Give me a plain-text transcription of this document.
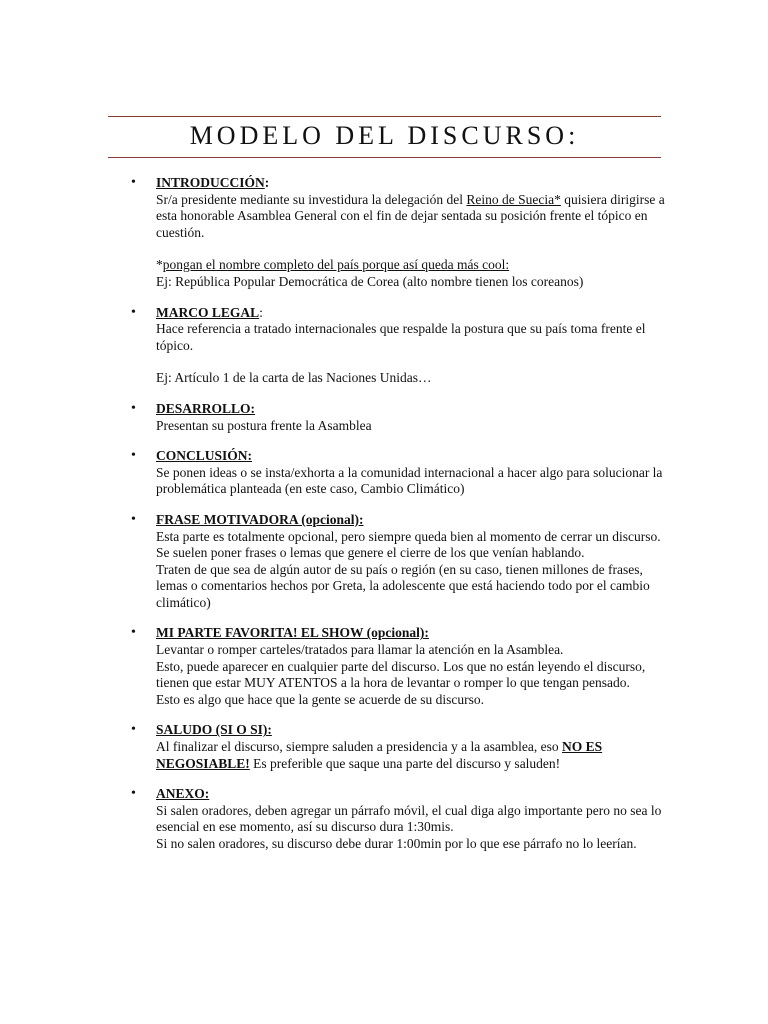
MODELO DEL DISCURSO:
• INTRODUCCIÓN:

Sr/a presidente mediante su investidura la delegación del Reino de Suecia* quisiera dirigirse a esta honorable Asamblea General con el fin de dejar sentada su posición frente el tópico en cuestión.

*pongan el nombre completo del país porque así queda más cool:

Ej: República Popular Democrática de Corea (alto nombre tienen los coreanos)

• MARCO LEGAL:

Hace referencia a tratado internacionales que respalde la postura que su país toma frente el tópico.

Ej: Artículo 1 de la carta de las Naciones Unidas…

• DESARROLLO:

Presentan su postura frente la Asamblea

• CONCLUSIÓN:

Se ponen ideas o se insta/exhorta a la comunidad internacional a hacer algo para solucionar la problemática planteada (en este caso, Cambio Climático)

• FRASE MOTIVADORA (opcional):

Esta parte es totalmente opcional, pero siempre queda bien al momento de cerrar un discurso.

Se suelen poner frases o lemas que genere el cierre de los que venían hablando.

Traten de que sea de algún autor de su país o región (en su caso, tienen millones de frases, lemas o comentarios hechos por Greta, la adolescente que está haciendo todo por el cambio climático)

• MI PARTE FAVORITA! EL SHOW (opcional):

Levantar o romper carteles/tratados para llamar la atención en la Asamblea.

Esto, puede aparecer en cualquier parte del discurso. Los que no están leyendo el discurso, tienen que estar MUY ATENTOS a la hora de levantar o romper lo que tengan pensado.

Esto es algo que hace que la gente se acuerde de su discurso.

• SALUDO (SI O SI):

Al finalizar el discurso, siempre saluden a presidencia y a la asamblea, eso NO ES NEGOSIABLE! Es preferible que saque una parte del discurso y saluden!

• ANEXO:

Si salen oradores, deben agregar un párrafo móvil, el cual diga algo importante pero no sea lo esencial en ese momento, así su discurso dura 1:30mis.

Si no salen oradores, su discurso debe durar 1:00min por lo que ese párrafo no lo leerían.
